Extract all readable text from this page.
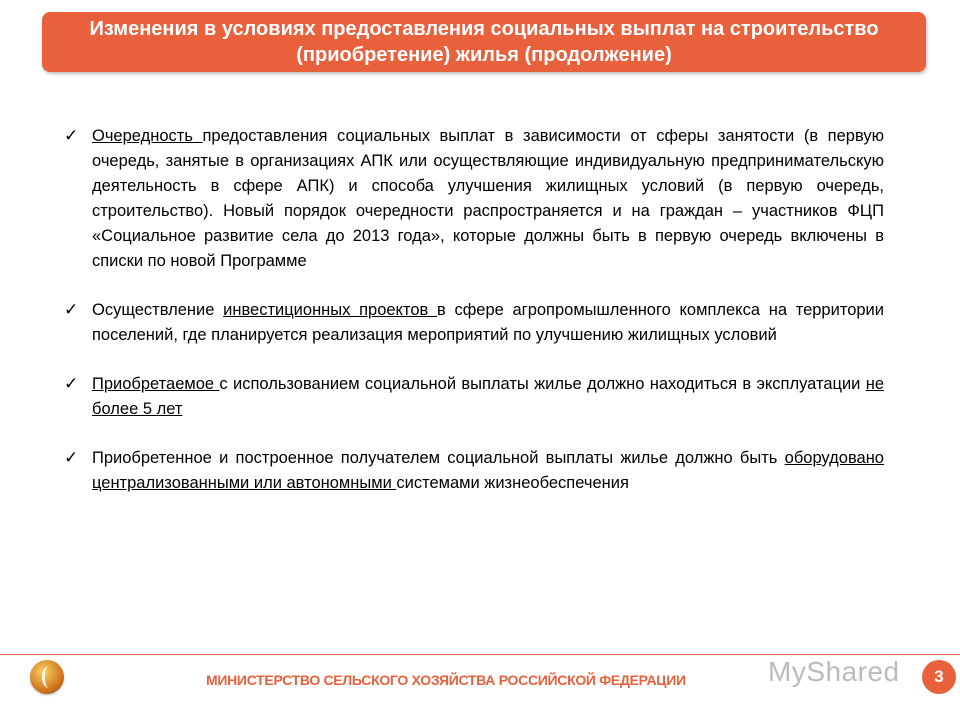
Изменения в условиях предоставления социальных выплат на строительство (приобретение) жилья (продолжение)
✓ Очередность предоставления социальных выплат в зависимости от сферы занятости (в первую очередь, занятые в организациях АПК или осуществляющие индивидуальную предпринимательскую деятельность в сфере АПК) и способа улучшения жилищных условий (в первую очередь, строительство). Новый порядок очередности распространяется и на граждан – участников ФЦП «Социальное развитие села до 2013 года», которые должны быть в первую очередь включены в списки по новой Программе
✓ Осуществление инвестиционных проектов в сфере агропромышленного комплекса на территории поселений, где планируется реализация мероприятий по улучшению жилищных условий
✓ Приобретаемое с использованием социальной выплаты жилье должно находиться в эксплуатации не более 5 лет
✓ Приобретенное и построенное получателем социальной выплаты жилье должно быть оборудовано централизованными или автономными системами жизнеобеспечения
МИНИСТЕРСТВО СЕЛЬСКОГО ХОЗЯЙСТВА РОССИЙСКОЙ ФЕДЕРАЦИИ	MyShared	3
